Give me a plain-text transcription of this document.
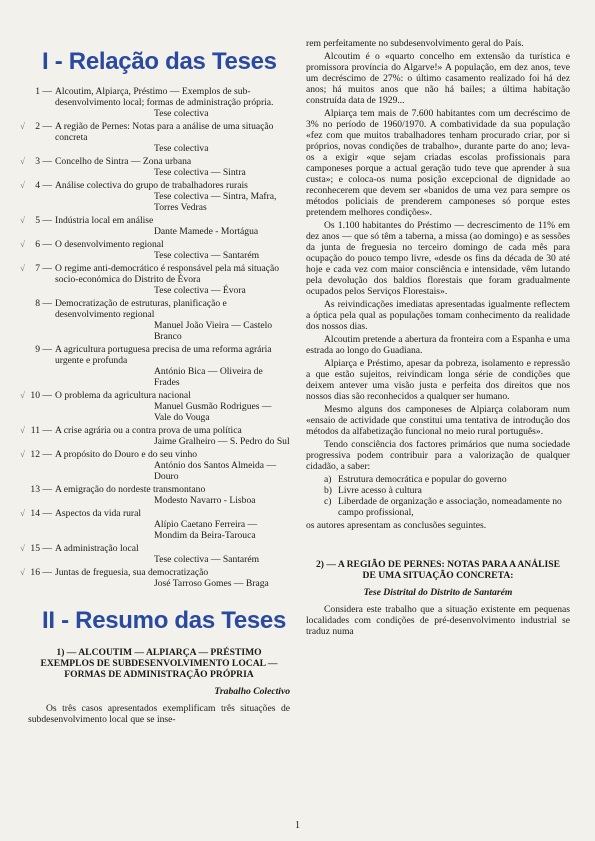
I - Relação das Teses
1 — Alcoutim, Alpiarça, Préstimo — Exemplos de sub-desenvolvimento local; formas de administração própria.
Tese colectiva
√ 2 — A região de Pernes: Notas para a análise de uma situação concreta
Tese colectiva
√ 3 — Concelho de Sintra — Zona urbana
Tese colectiva — Sintra
√ 4 — Análise colectiva do grupo de trabalhadores rurais
Tese colectiva — Sintra, Mafra, Torres Vedras
√ 5 — Indústria local em análise
Dante Mamede - Mortágua
√ 6 — O desenvolvimento regional
Tese colectiva — Santarém
√ 7 — O regime anti-democrático é responsável pela má situação socio-económica do Distrito de Évora
Tese colectiva — Évora
8 — Democratização de estruturas, planificação e desenvolvimento regional
Manuel João Vieira — Castelo Branco
9 — A agricultura portuguesa precisa de uma reforma agrária urgente e profunda
António Bica — Oliveira de Frades
√ 10 — O problema da agricultura nacional
Manuel Gusmão Rodrigues — Vale do Vouga
√ 11 — A crise agrária ou a contra prova de uma política
Jaime Gralheiro — S. Pedro do Sul
√ 12 — A propósito do Douro e do seu vinho
António dos Santos Almeida — Douro
13 — A emigração do nordeste transmontano
Modesto Navarro - Lisboa
√ 14 — Aspectos da vida rural
Alípio Caetano Ferreira — Mondim da Beira-Tarouca
√ 15 — A administração local
Tese colectiva — Santarém
√ 16 — Juntas de freguesia, sua democratização
José Tarroso Gomes — Braga
II - Resumo das Teses
1) — ALCOUTIM — ALPIARÇA — PRÉSTIMO EXEMPLOS DE SUBDESENVOLVIMENTO LOCAL — FORMAS DE ADMINISTRAÇÃO PRÓPRIA
Trabalho Colectivo

Os três casos apresentados exemplificam três situações de subdesenvolvimento local que se inse-

rem perfeitamente no subdesenvolvimento geral do País.

Alcoutim é o «quarto concelho em extensão da turística e promissora província do Algarve!» A população, em dez anos, teve um decréscimo de 27%: o último casamento realizado foi há dez anos; há muitos anos que não há bailes; a última habitação construída data de 1929...

Alpiarça tem mais de 7.600 habitantes com um decréscimo de 3% no período de 1960/1970. A combatividade da sua população «fez com que muitos trabalhadores tenham procurado criar, por si próprios, novas condições de trabalho», durante parte do ano; leva-os a exigir «que sejam criadas escolas profissionais para camponeses porque a actual geração tudo teve que aprender à sua custa»; e coloca-os numa posição excepcional de dignidade ao reconhecerem que devem ser «banidos de uma vez para sempre os métodos policiais de prenderem camponeses só porque estes pretendem melhores condições».

Os 1.100 habitantes do Préstimo — decrescimento de 11% em dez anos — que só têm a taberna, a missa (ao domingo) e as sessões da junta de freguesia no terceiro domingo de cada mês para ocupação do pouco tempo livre, «desde os fins da década de 30 até hoje e cada vez com maior consciência e intensidade, vêm lutando pela devolução dos baldios florestais que foram gradualmente ocupados pelos Serviços Florestais».

As reivindicações imediatas apresentadas igualmente reflectem a óptica pela qual as populações tomam conhecimento da realidade dos nossos dias.

Alcoutim pretende a abertura da fronteira com a Espanha e uma estrada ao longo do Guadiana.

Alpiarça e Préstimo, apesar da pobreza, isolamento e repressão a que estão sujeitos, reivindicam longa série de condições que deixem antever uma visão justa e perfeita dos direitos que nos nossos dias são reconhecidos a qualquer ser humano.

Mesmo alguns dos camponeses de Alpiarça colaboram num «ensaio de actividade que constitui uma tentativa de introdução dos métodos da alfabetização funcional no meio rural português».

Tendo consciência dos factores primários que numa sociedade progressiva podem contribuir para a valorização de qualquer cidadão, a saber:

a) Estrutura democrática e popular do governo
b) Livre acesso à cultura
c) Liberdade de organização e associação, nomeadamente no campo profissional,

os autores apresentam as conclusões seguintes.

2) — A REGIÃO DE PERNES: NOTAS PARA A ANÁLISE DE UMA SITUAÇÃO CONCRETA:
Tese Distrital do Distrito de Santarém

Considera este trabalho que a situação existente em pequenas localidades com condições de pré-desenvolvimento industrial se traduz numa

1
